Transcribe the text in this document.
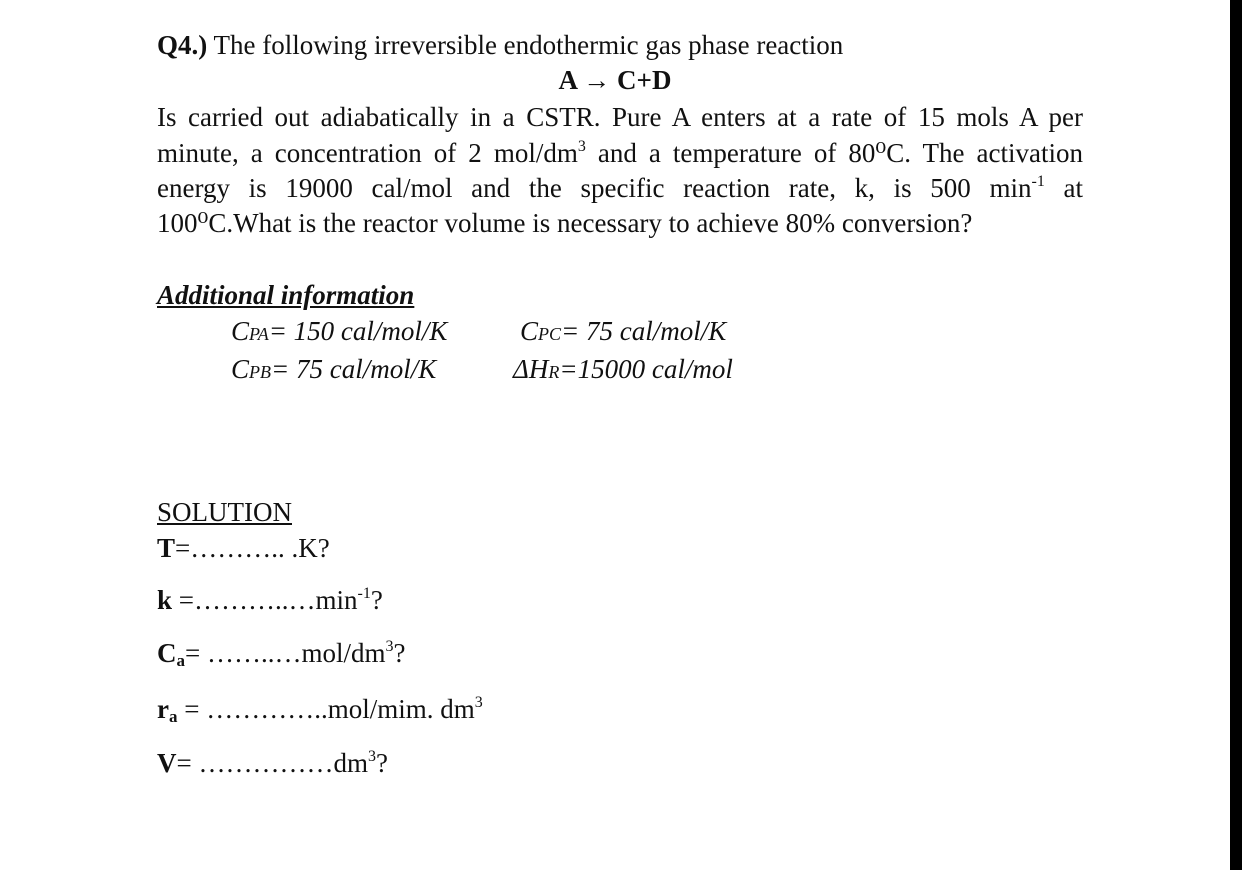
Q4.) The following irreversible endothermic gas phase reaction
A → C+D
Is carried out adiabatically in a CSTR. Pure A enters at a rate of 15 mols A per
minute, a concentration of 2 mol/$dm^3$ and a temperature of 80⁰C. The activation
energy is 19000 cal/mol and the specific reaction rate, k, is 500 $\min^{-1}$ at
100⁰C.What is the reactor volume is necessary to achieve 80% conversion?
Additional information
CPA= 150 cal/mol/K	CPC= 75 cal/mol/K
CPB= 75 cal/mol/K	ΔHR=15000 cal/mol
SOLUTION
T=……….. .K?
$k =\dots\dots\dots..\dots\min^{-1}$?
$Ca= \dots\dots..\dots mol/dm^3$?
ra = …………..mol/mim. $dm^3$
$V= \dots\dots\dots\dots\dots dm^3$?
